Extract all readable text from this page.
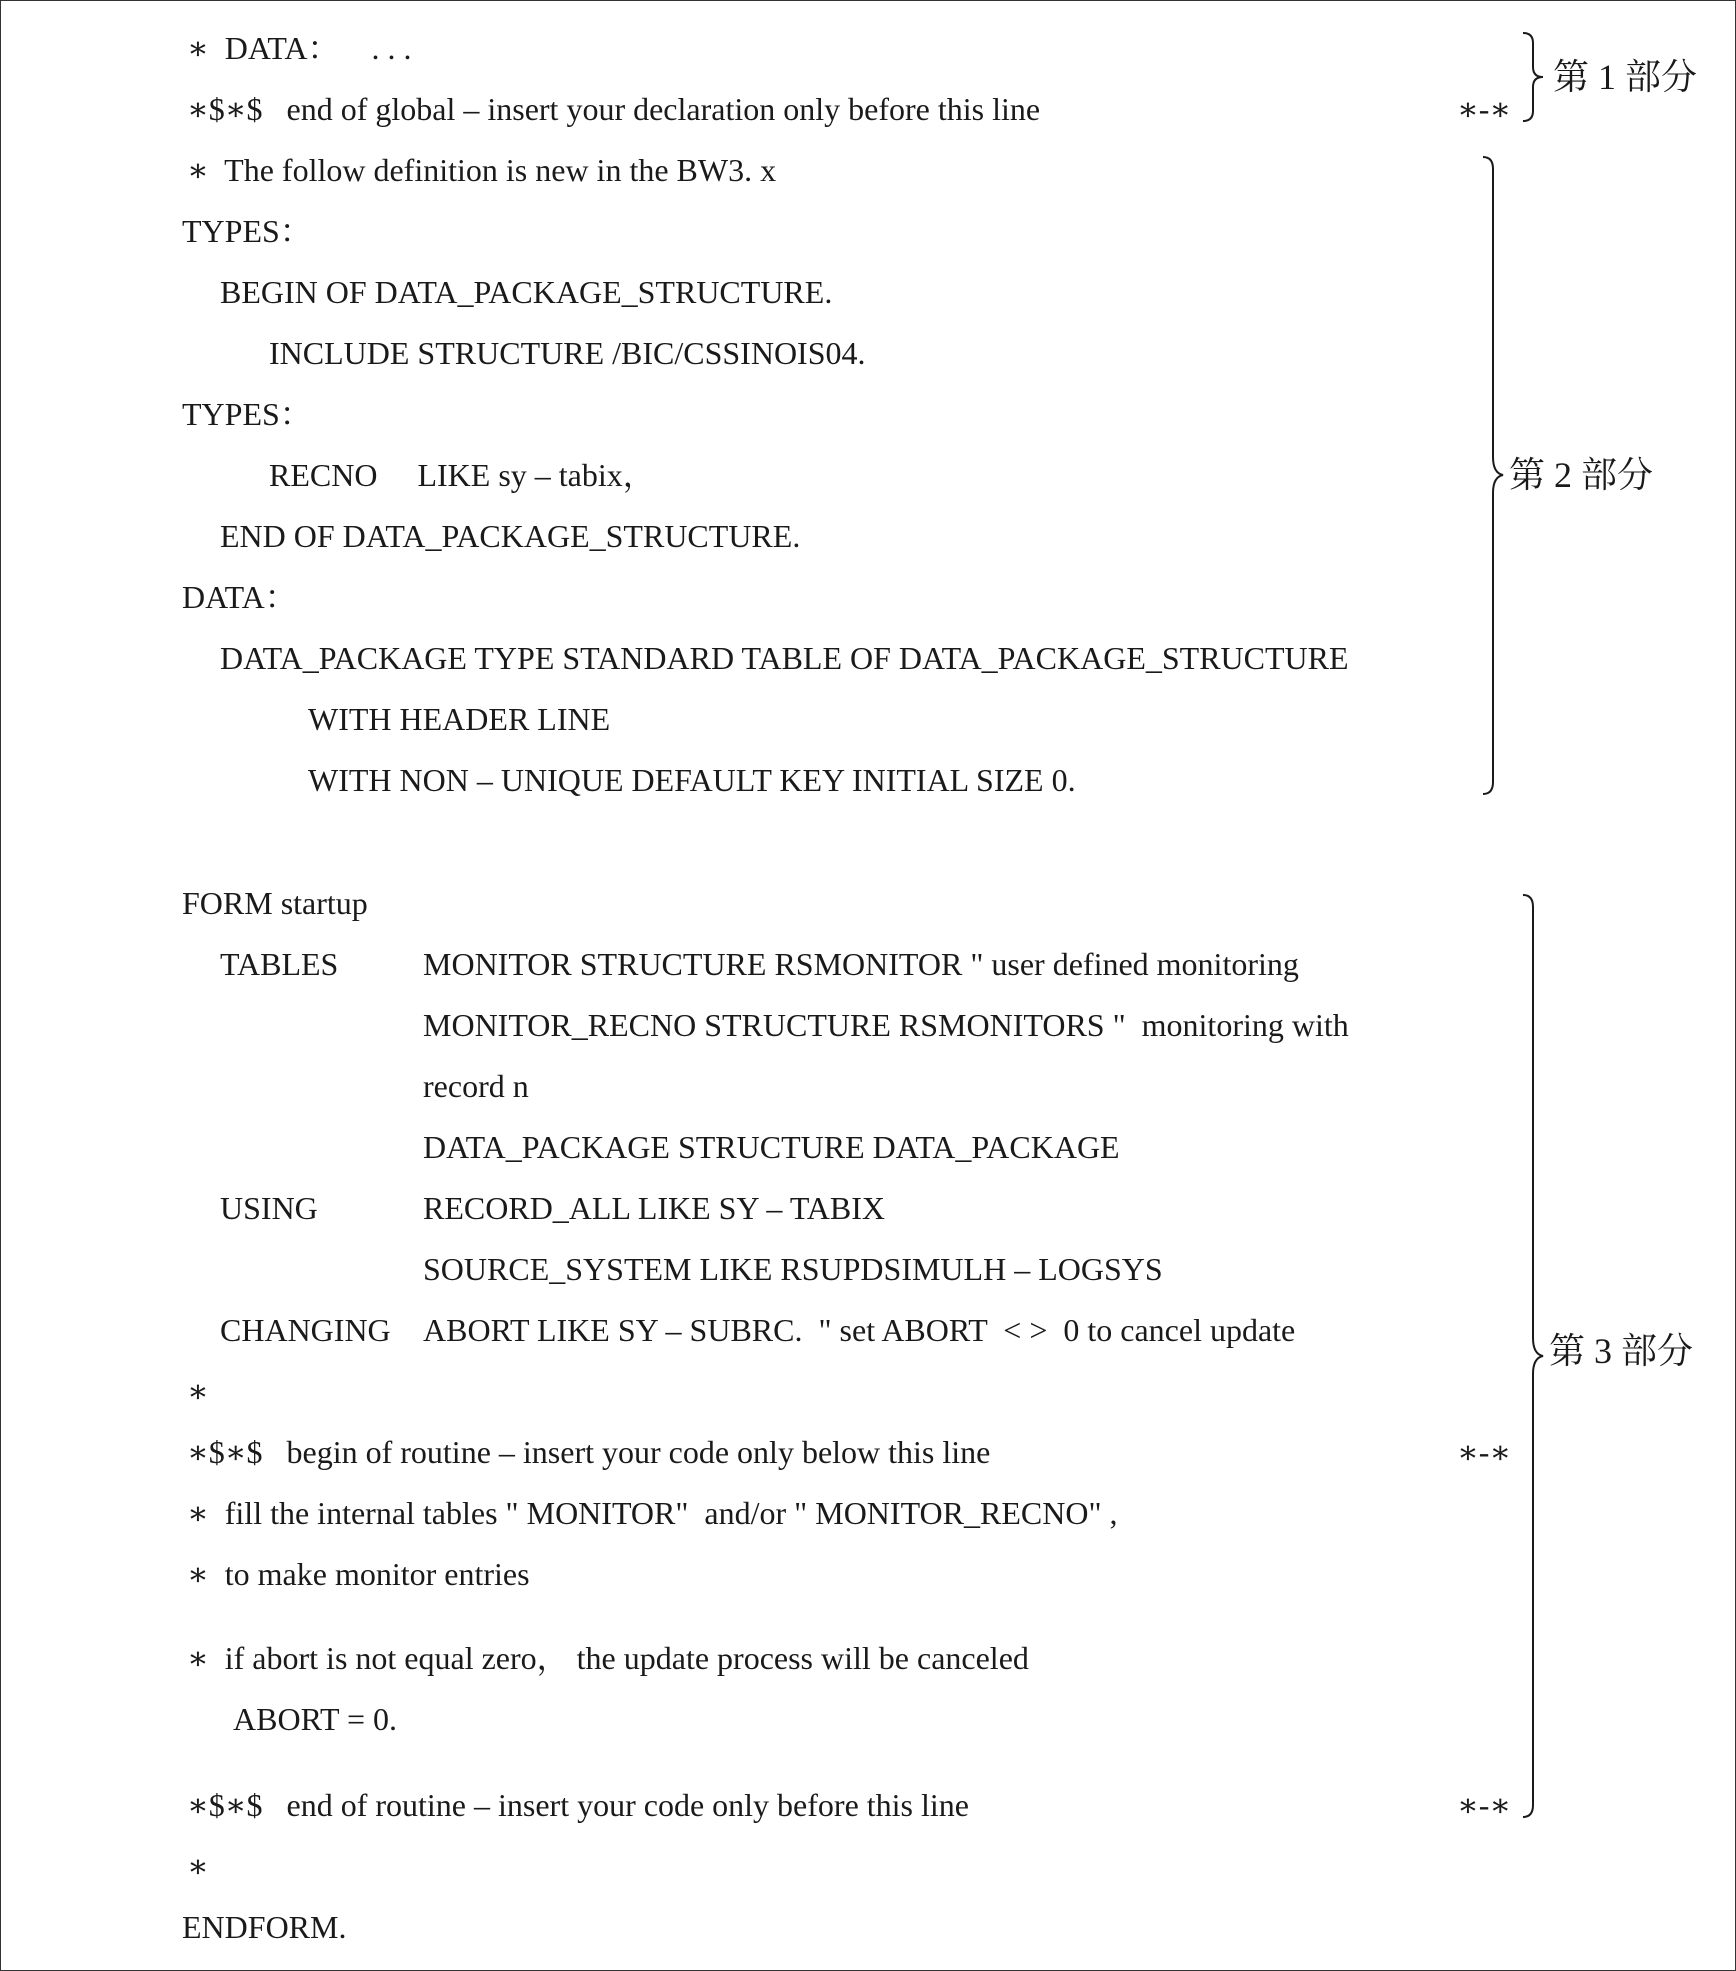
∗  DATA：    . . .
∗$∗$   end of global – insert your declaration only before this line	∗-∗
∗  The follow definition is new in the BW3. x
TYPES：
BEGIN OF DATA_PACKAGE_STRUCTURE.
INCLUDE STRUCTURE /BIC/CSSINOIS04.
TYPES：
RECNO     LIKE sy – tabix，
END OF DATA_PACKAGE_STRUCTURE.
DATA：
DATA_PACKAGE TYPE STANDARD TABLE OF DATA_PACKAGE_STRUCTURE
WITH HEADER LINE
WITH NON – UNIQUE DEFAULT KEY INITIAL SIZE 0.
FORM startup
TABLES	MONITOR STRUCTURE RSMONITOR " user defined monitoring
MONITOR_RECNO STRUCTURE RSMONITORS "  monitoring with
record n
DATA_PACKAGE STRUCTURE DATA_PACKAGE
USING	RECORD_ALL LIKE SY – TABIX
SOURCE_SYSTEM LIKE RSUPDSIMULH – LOGSYS
CHANGING ABORT LIKE SY – SUBRC.  " set ABORT  < >  0 to cancel update
∗
∗$∗$   begin of routine – insert your code only below this line	∗-∗
∗  fill the internal tables " MONITOR"  and/or " MONITOR_RECNO" ,
∗  to make monitor entries
∗  if abort is not equal zero， the update process will be canceled
ABORT = 0.
∗$∗$   end of routine – insert your code only before this line	∗-∗
∗
ENDFORM.
第 1 部分
第 2 部分
第 3 部分
